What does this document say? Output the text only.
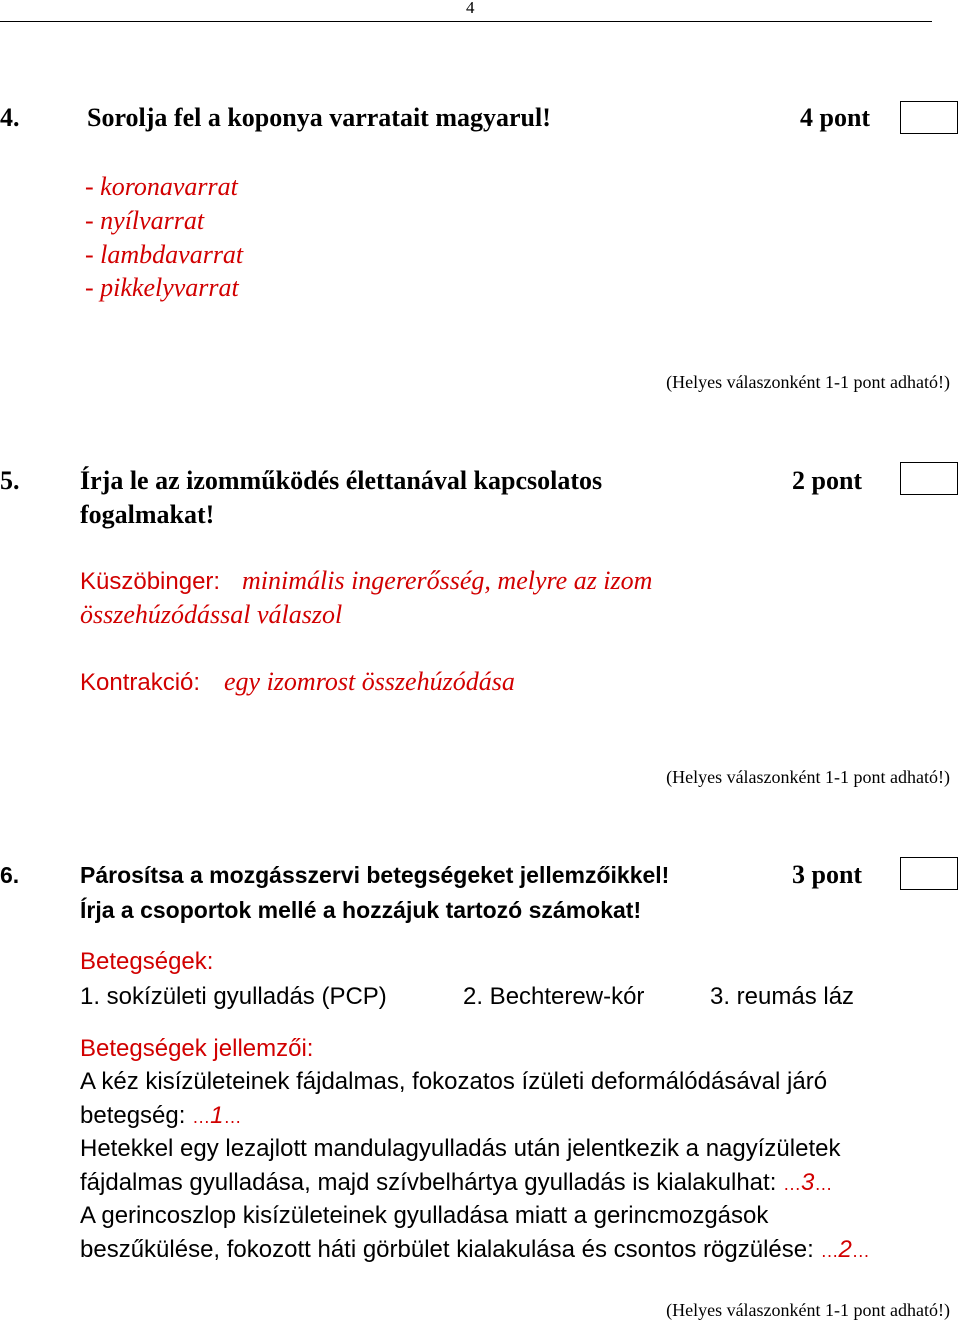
4
4.	Sorolja fel a koponya varratait magyarul!	4 pont
- koronavarrat
- nyílvarrat
- lambdavarrat
- pikkelyvarrat
(Helyes válaszonként 1-1 pont adható!)
5. Írja le az izomműködés élettanával kapcsolatos
fogalmakat!
2 pont
Küszöbinger: minimális ingererősség, melyre az izom
összehúzódással válaszol
Kontrakció: egy izomrost összehúzódása
(Helyes válaszonként 1-1 pont adható!)
6.	Párosítsa a mozgásszervi betegségeket jellemzőikkel!
Írja a csoportok mellé a hozzájuk tartozó számokat!
3 pont
Betegségek:
1. sokízületi gyulladás (PCP)	2. Bechterew-kór	3. reumás láz
Betegségek jellemzői:
A kéz kisízületeinek fájdalmas, fokozatos ízületi deformálódásával járó
betegség: …1…
Hetekkel egy lezajlott mandulagyulladás után jelentkezik a nagyízületek
fájdalmas gyulladása, majd szívbelhártya gyulladás is kialakulhat: …3…
A gerincoszlop kisízületeinek gyulladása miatt a gerincmozgások
beszűkülése, fokozott háti görbület kialakulása és csontos rögzülése: …2…
(Helyes válaszonként 1-1 pont adható!)
